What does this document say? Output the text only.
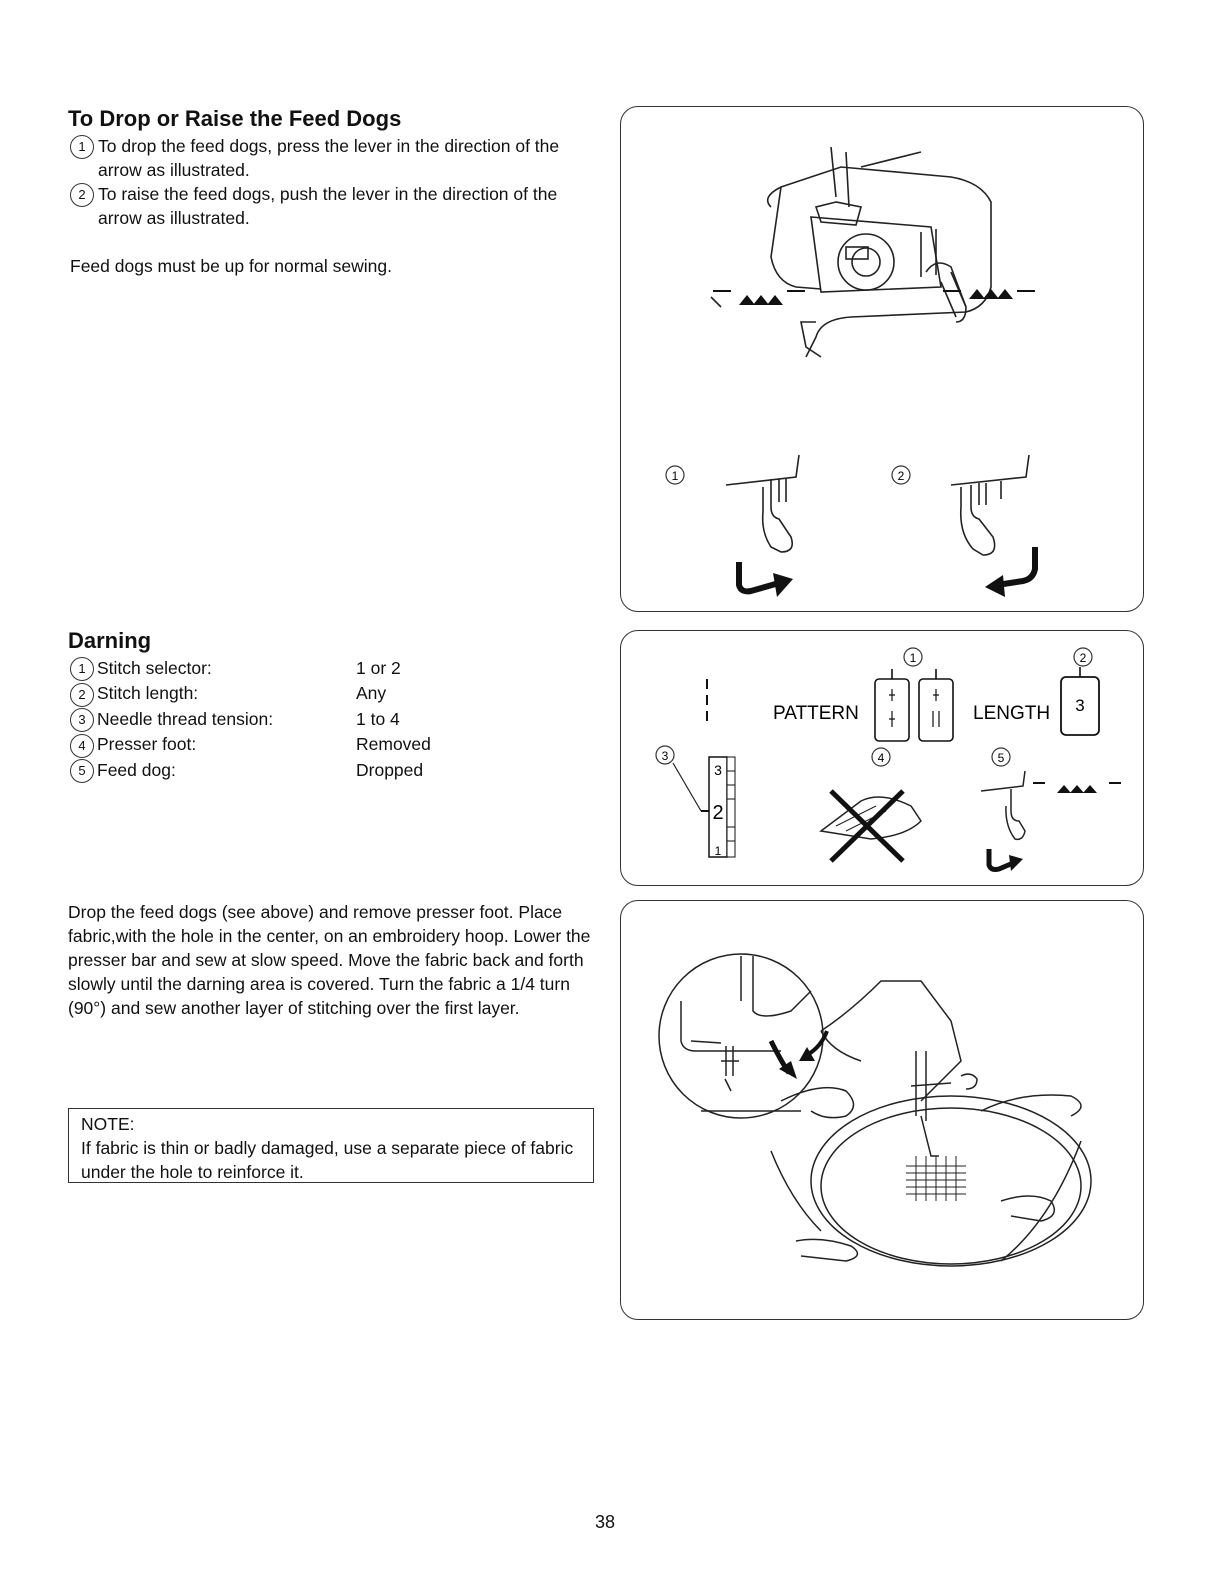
To Drop or Raise the Feed Dogs
1 To drop the feed dogs, press the lever in the direction of the arrow as illustrated.
2 To raise the feed dogs, push the lever in the direction of the arrow as illustrated.
Feed dogs must be up for normal sewing.
1	2
Darning
1 Stitch selector:	1 or 2
2 Stitch length:	Any
3 Needle thread tension:	1 to 4
4 Presser foot:	Removed
5 Feed dog:	Dropped
PATTERN	LENGTH 3
1	2
3	4	5
3
2
1
Drop the feed dogs (see above) and remove presser foot. Place fabric,with the hole in the center, on an embroidery hoop. Lower the presser bar and sew at slow speed. Move the fabric back and forth slowly until the darning area is covered. Turn the fabric a 1/4 turn (90°) and sew another layer of stitching over the first layer.
NOTE:
If fabric is thin or badly damaged, use a separate piece of fabric under the hole to reinforce it.
38
